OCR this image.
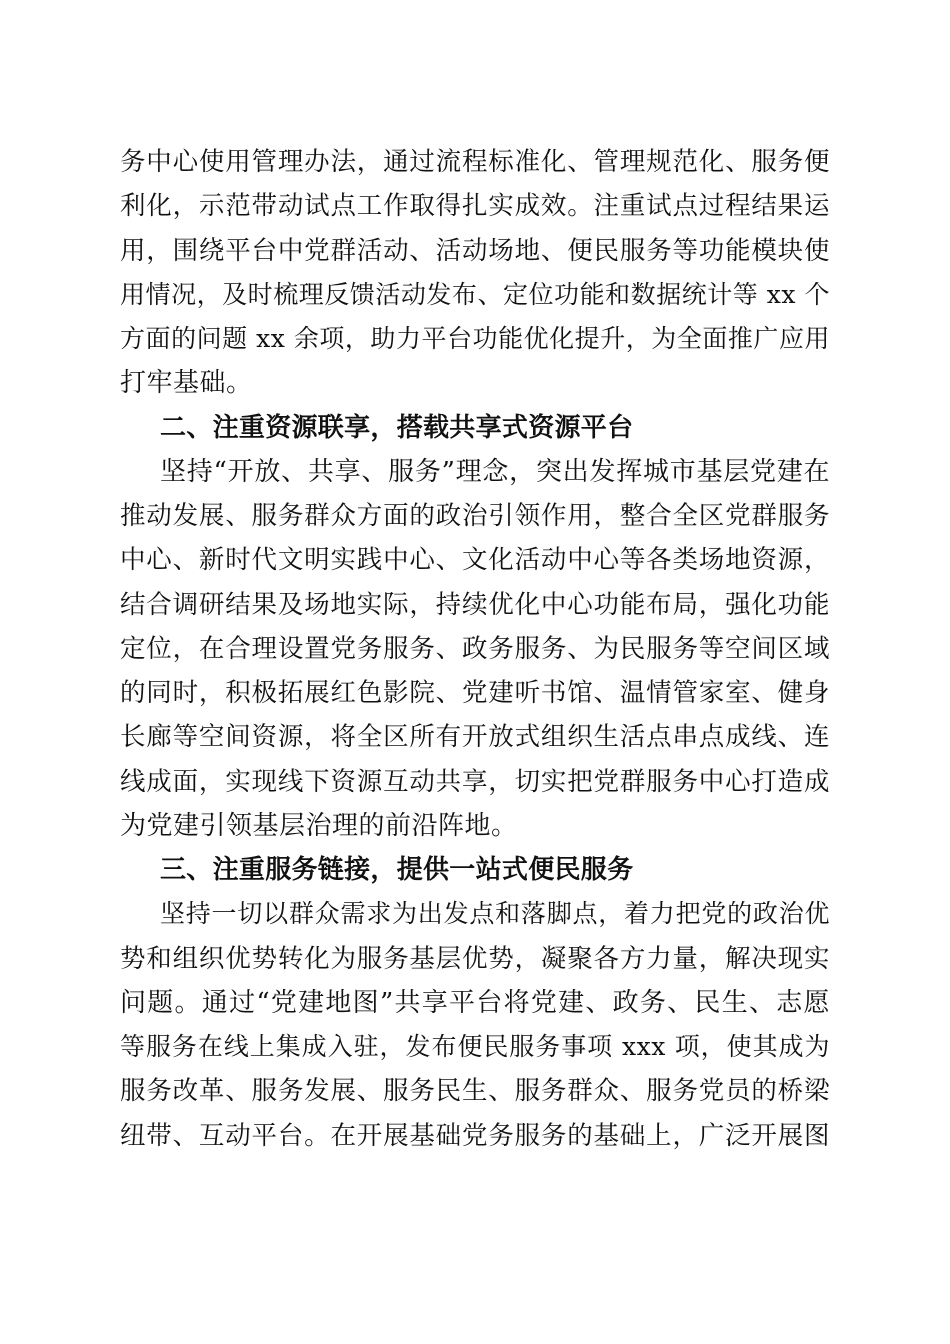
务中心使用管理办法，通过流程标准化、管理规范化、服务便
利化，示范带动试点工作取得扎实成效。注重试点过程结果运
用，围绕平台中党群活动、活动场地、便民服务等功能模块使
用情况，及时梳理反馈活动发布、定位功能和数据统计等 xx 个
方面的问题 xx 余项，助力平台功能优化提升，为全面推广应用
打牢基础。
二、注重资源联享，搭载共享式资源平台
坚持“开放、共享、服务”理念，突出发挥城市基层党建在
推动发展、服务群众方面的政治引领作用，整合全区党群服务
中心、新时代文明实践中心、文化活动中心等各类场地资源，
结合调研结果及场地实际，持续优化中心功能布局，强化功能
定位，在合理设置党务服务、政务服务、为民服务等空间区域
的同时，积极拓展红色影院、党建听书馆、温情管家室、健身
长廊等空间资源，将全区所有开放式组织生活点串点成线、连
线成面，实现线下资源互动共享，切实把党群服务中心打造成
为党建引领基层治理的前沿阵地。
三、注重服务链接，提供一站式便民服务
坚持一切以群众需求为出发点和落脚点，着力把党的政治优
势和组织优势转化为服务基层优势，凝聚各方力量，解决现实
问题。通过“党建地图”共享平台将党建、政务、民生、志愿
等服务在线上集成入驻，发布便民服务事项 xxx 项，使其成为
服务改革、服务发展、服务民生、服务群众、服务党员的桥梁
纽带、互动平台。在开展基础党务服务的基础上，广泛开展图
